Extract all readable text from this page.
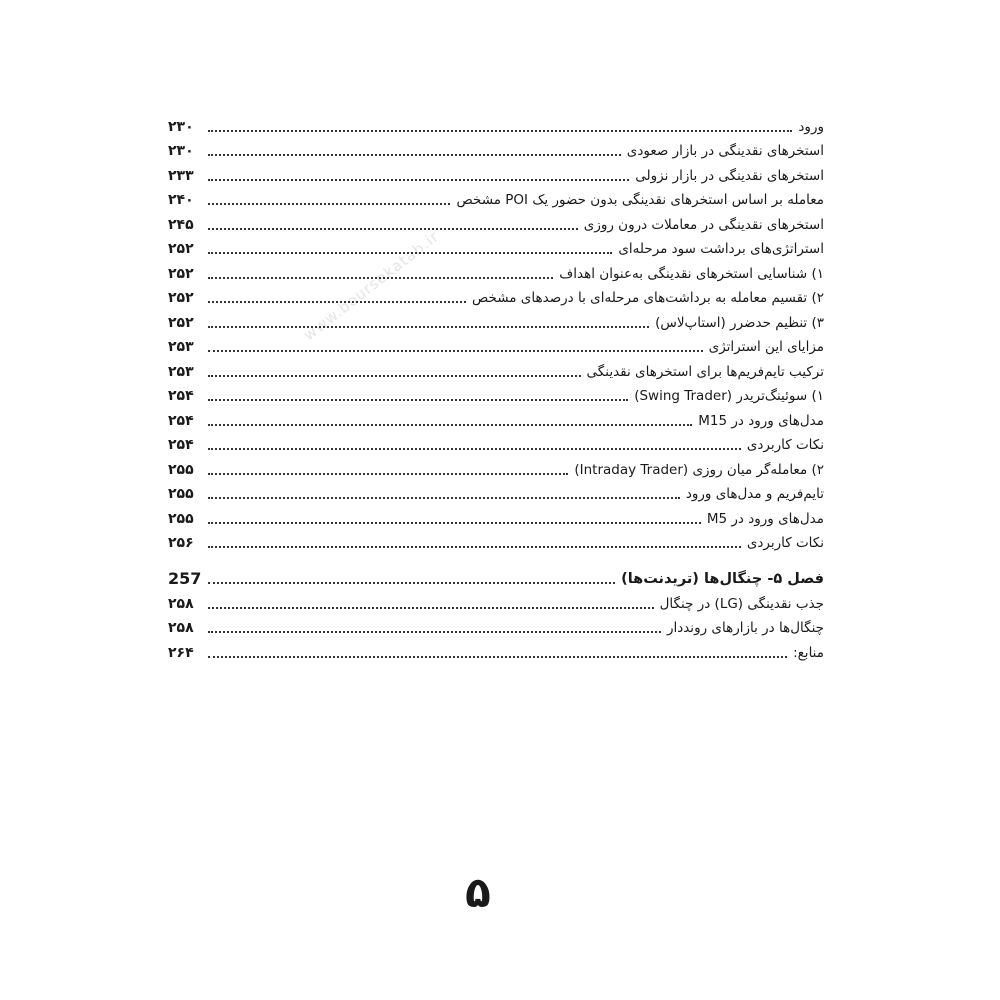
www.boursekatab.ir
ورود
۲۳۰
استخرهای نقدینگی در بازار صعودی
۲۳۰
استخرهای نقدینگی در بازار نزولی
۲۳۳
معامله بر اساس استخرهای نقدینگی بدون حضور یک POI مشخص
۲۴۰
استخرهای نقدینگی در معاملات درون روزی
۲۴۵
استراتژی‌های برداشت سود مرحله‌ای
۲۵۲
۱) شناسایی استخرهای نقدینگی به‌عنوان اهداف
۲۵۲
۲) تقسیم معامله به برداشت‌های مرحله‌ای با درصدهای مشخص
۲۵۲
۳) تنظیم حدضرر (استاپ‌لاس)
۲۵۲
مزایای این استراتژی
۲۵۳
ترکیب تایم‌فریم‌ها برای استخرهای نقدینگی
۲۵۳
۱) سوئینگ‌تریدر (Swing Trader)
۲۵۴
مدل‌های ورود در M15
۲۵۴
نکات کاربردی
۲۵۴
۲) معامله‌گر میان روزی (Intraday Trader)
۲۵۵
تایم‌فریم و مدل‌های ورود
۲۵۵
مدل‌های ورود در M5
۲۵۵
نکات کاربردی
۲۵۶
فصل ۵- چنگال‌ها (تریدنت‌ها)
257
جذب نقدینگی (LG) در چنگال
۲۵۸
چنگال‌ها در بازارهای رونددار
۲۵۸
منابع:
۲۶۴
۵
